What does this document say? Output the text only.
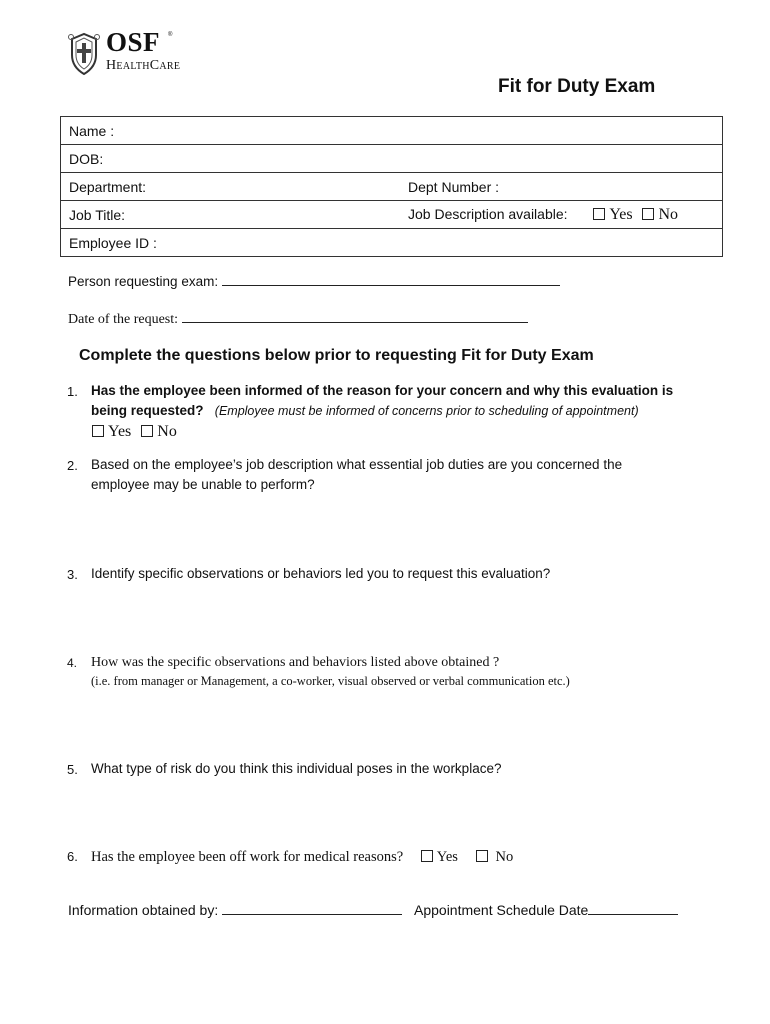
OSF ®
HealthCare
Fit for Duty Exam
Name :	
DOB:	
Department:	Dept Number :
Job Title:	Job Description available: Yes No
Employee ID :	
Person requesting exam:
Date of the request:
Complete the questions below prior to requesting Fit for Duty Exam
1. Has the employee been informed of the reason for your concern and why this evaluation is
being requested? (Employee must be informed of concerns prior to scheduling of appointment)
Yes No
2. Based on the employee’s job description what essential job duties are you concerned the
employee may be unable to perform?
3. Identify specific observations or behaviors led you to request this evaluation?
4. How was the specific observations and behaviors listed above obtained ?
(i.e. from manager or Management, a co-worker, visual observed or verbal communication etc.)
5. What type of risk do you think this individual poses in the workplace?
6. Has the employee been off work for medical reasons? Yes	No
Information obtained by:	Appointment Schedule Date
